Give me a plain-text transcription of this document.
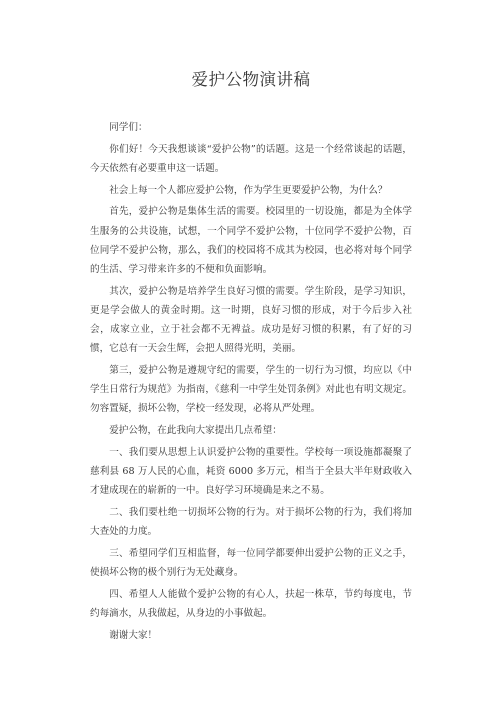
爱护公物演讲稿

同学们：

你们好！今天我想谈谈“爱护公物”的话题。这是一个经常谈起的话题，今天依然有必要重申这一话题。

社会上每一个人都应爱护公物，作为学生更要爱护公物，为什么？

首先，爱护公物是集体生活的需要。校园里的一切设施，都是为全体学生服务的公共设施，试想，一个同学不爱护公物，十位同学不爱护公物，百位同学不爱护公物，那么，我们的校园将不成其为校园，也必将对每个同学的生活、学习带来许多的不便和负面影响。

其次，爱护公物是培养学生良好习惯的需要。学生阶段，是学习知识，更是学会做人的黄金时期。这一时期，良好习惯的形成，对于今后步入社会，成家立业，立于社会都不无裨益。成功是好习惯的积累，有了好的习惯，它总有一天会生辉，会把人照得光明，美丽。

第三，爱护公物是遵规守纪的需要，学生的一切行为习惯，均应以《中学生日常行为规范》为指南，《慈利一中学生处罚条例》对此也有明文规定。勿容置疑，损坏公物，学校一经发现，必将从严处理。

爱护公物，在此我向大家提出几点希望：

一、我们要从思想上认识爱护公物的重要性。学校每一项设施都凝聚了慈利县 68 万人民的心血，耗资 6000 多万元，相当于全县大半年财政收入才建成现在的崭新的一中。良好学习环境确是来之不易。

二、我们要杜绝一切损坏公物的行为。对于损坏公物的行为，我们将加大查处的力度。

三、希望同学们互相监督，每一位同学都要伸出爱护公物的正义之手，使损坏公物的极个别行为无处藏身。

四、希望人人能做个爱护公物的有心人，扶起一株草，节约每度电，节约每滴水，从我做起，从身边的小事做起。

谢谢大家！
